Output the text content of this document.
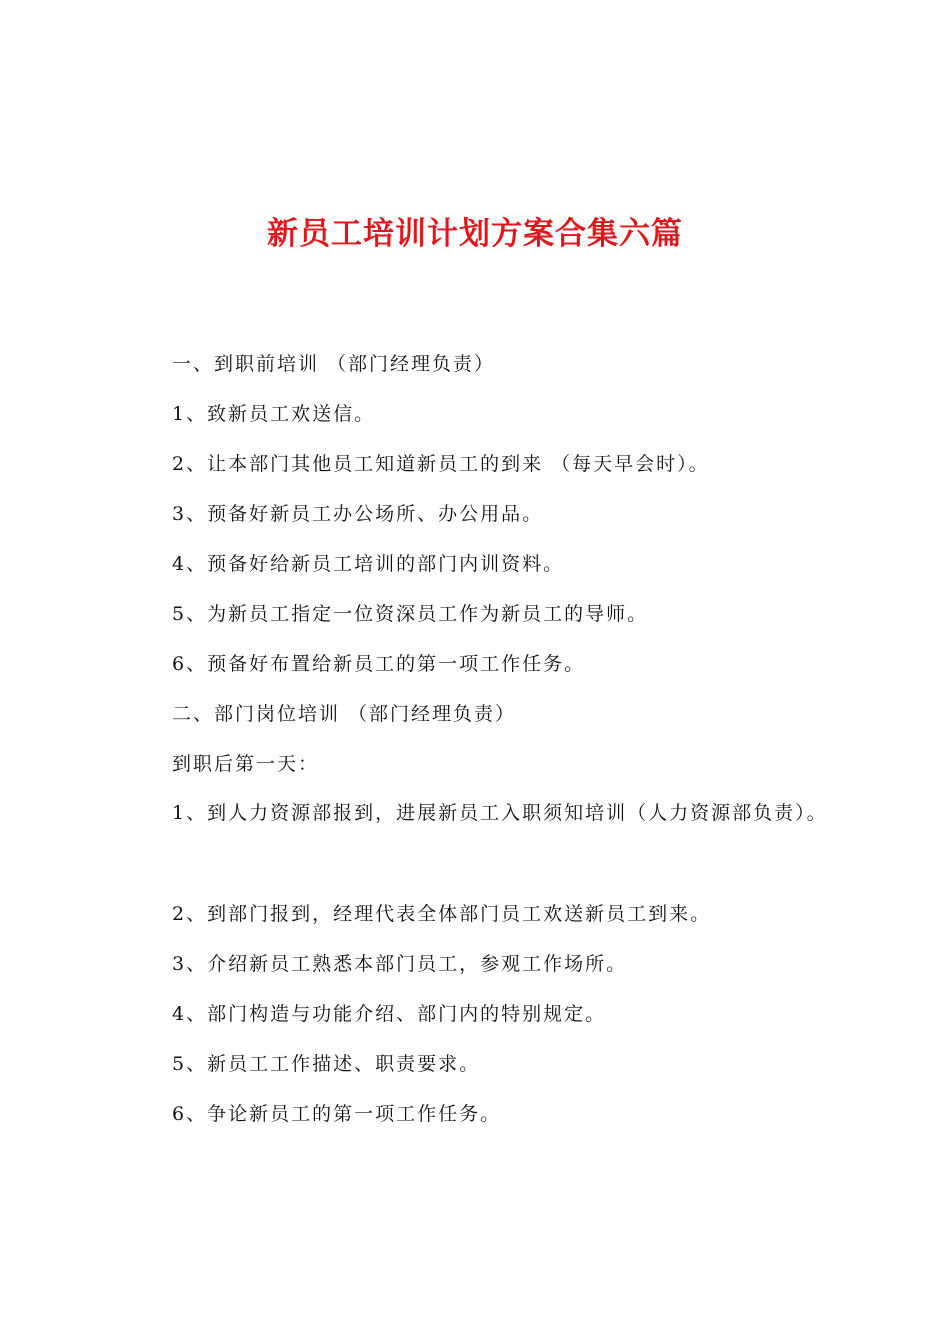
新员工培训计划方案合集六篇

一、到职前培训 （部门经理负责）

1、致新员工欢送信。

2、让本部门其他员工知道新员工的到来 （每天早会时）。

3、预备好新员工办公场所、办公用品。

4、预备好给新员工培训的部门内训资料。

5、为新员工指定一位资深员工作为新员工的导师。

6、预备好布置给新员工的第一项工作任务。

二、部门岗位培训 （部门经理负责）

到职后第一天：

1、到人力资源部报到，进展新员工入职须知培训（人力资源部负责）。

2、到部门报到，经理代表全体部门员工欢送新员工到来。

3、介绍新员工熟悉本部门员工，参观工作场所。

4、部门构造与功能介绍、部门内的特别规定。

5、新员工工作描述、职责要求。

6、争论新员工的第一项工作任务。
